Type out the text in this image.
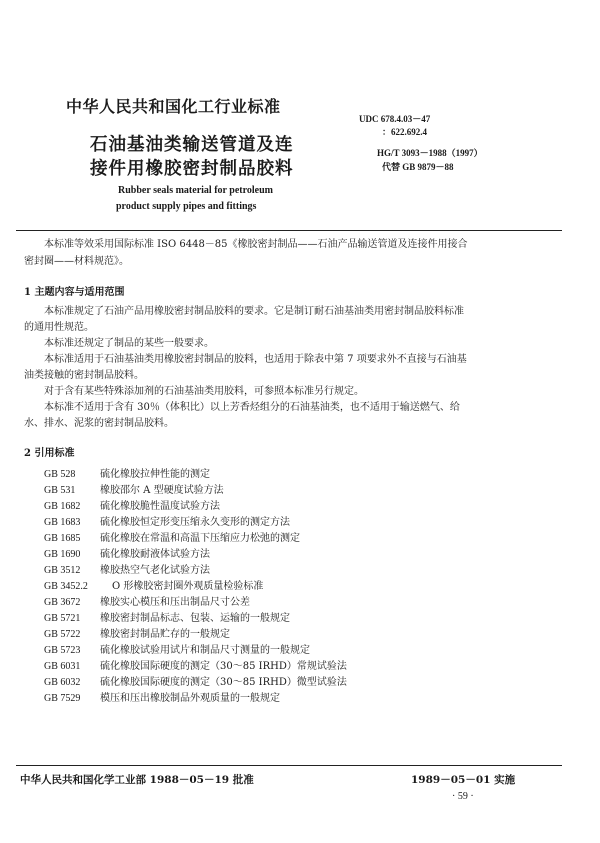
中华人民共和国化工行业标准
石油基油类输送管道及连
接件用橡胶密封制品胶料
Rubber seals material for petroleum
product supply pipes and fittings
UDC 678.4.03－47
：622.692.4
HG/T 3093－1988（1997）
代替 GB 9879－88
本标准等效采用国际标准 ISO 6448－85《橡胶密封制品——石油产品输送管道及连接件用接合
密封圈——材料规范》。
1 主题内容与适用范围
本标准规定了石油产品用橡胶密封制品胶料的要求。它是制订耐石油基油类用密封制品胶料标准
的通用性规范。
本标准还规定了制品的某些一般要求。
本标准适用于石油基油类用橡胶密封制品的胶料，也适用于除表中第 7 项要求外不直接与石油基
油类接触的密封制品胶料。
对于含有某些特殊添加剂的石油基油类用胶料，可参照本标准另行规定。
本标准不适用于含有 30％（体积比）以上芳香烃组分的石油基油类，也不适用于输送燃气、给
水、排水、泥浆的密封制品胶料。
2 引用标准
GB 528 硫化橡胶拉伸性能的测定
GB 531 橡胶邵尔 A 型硬度试验方法
GB 1682 硫化橡胶脆性温度试验方法
GB 1683 硫化橡胶恒定形变压缩永久变形的测定方法
GB 1685 硫化橡胶在常温和高温下压缩应力松弛的测定
GB 1690 硫化橡胶耐液体试验方法
GB 3512 橡胶热空气老化试验方法
GB 3452.2 O 形橡胶密封圈外观质量检验标准
GB 3672 橡胶实心模压和压出制品尺寸公差
GB 5721 橡胶密封制品标志、包装、运输的一般规定
GB 5722 橡胶密封制品贮存的一般规定
GB 5723 硫化橡胶试验用试片和制品尺寸测量的一般规定
GB 6031 硫化橡胶国际硬度的测定（30～85 IRHD）常规试验法
GB 6032 硫化橡胶国际硬度的测定（30～85 IRHD）微型试验法
GB 7529 模压和压出橡胶制品外观质量的一般规定
中华人民共和国化学工业部 1988－05－19 批准	1989－05－01 实施
· 59 ·
